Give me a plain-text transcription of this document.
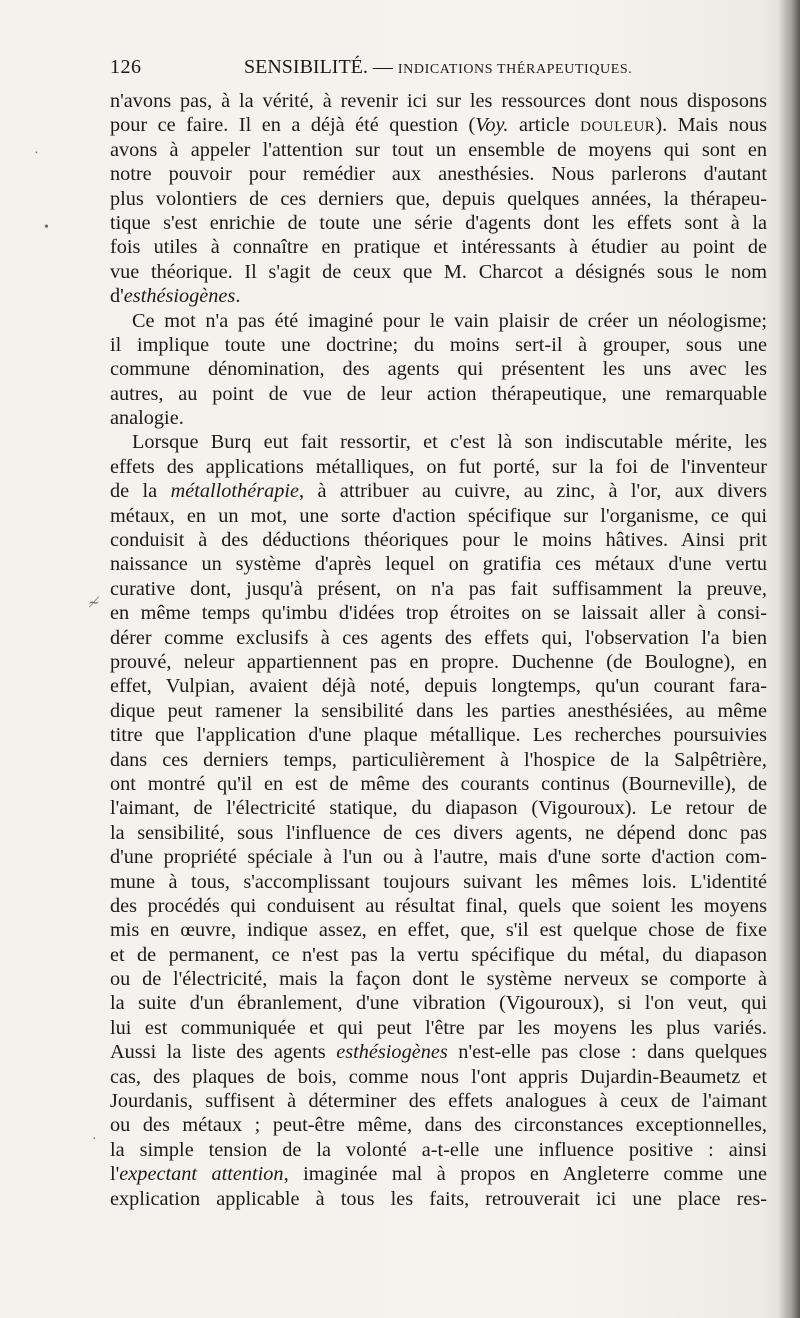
126	SENSIBILITÉ. — INDICATIONS THÉRAPEUTIQUES.
n'avons pas, à la vérité, à revenir ici sur les ressources dont nous disposons
pour ce faire. Il en a déjà été question (Voy. article DOULEUR). Mais nous
avons à appeler l'attention sur tout un ensemble de moyens qui sont en
notre pouvoir pour remédier aux anesthésies. Nous parlerons d'autant
plus volontiers de ces derniers que, depuis quelques années, la thérapeu-
tique s'est enrichie de toute une série d'agents dont les effets sont à la
fois utiles à connaître en pratique et intéressants à étudier au point de
vue théorique. Il s'agit de ceux que M. Charcot a désignés sous le nom
d'esthésiogènes.
Ce mot n'a pas été imaginé pour le vain plaisir de créer un néologisme;
il implique toute une doctrine; du moins sert-il à grouper, sous une
commune dénomination, des agents qui présentent les uns avec les
autres, au point de vue de leur action thérapeutique, une remarquable
analogie.
Lorsque Burq eut fait ressortir, et c'est là son indiscutable mérite, les
effets des applications métalliques, on fut porté, sur la foi de l'inventeur
de la métallothérapie, à attribuer au cuivre, au zinc, à l'or, aux divers
métaux, en un mot, une sorte d'action spécifique sur l'organisme, ce qui
conduisit à des déductions théoriques pour le moins hâtives. Ainsi prit
naissance un système d'après lequel on gratifia ces métaux d'une vertu
curative dont, jusqu'à présent, on n'a pas fait suffisamment la preuve,
en même temps qu'imbu d'idées trop étroites on se laissait aller à consi-
dérer comme exclusifs à ces agents des effets qui, l'observation l'a bien
prouvé, neleur appartiennent pas en propre. Duchenne (de Boulogne), en
effet, Vulpian, avaient déjà noté, depuis longtemps, qu'un courant fara-
dique peut ramener la sensibilité dans les parties anesthésiées, au même
titre que l'application d'une plaque métallique. Les recherches poursuivies
dans ces derniers temps, particulièrement à l'hospice de la Salpêtrière,
ont montré qu'il en est de même des courants continus (Bourneville), de
l'aimant, de l'électricité statique, du diapason (Vigouroux). Le retour de
la sensibilité, sous l'influence de ces divers agents, ne dépend donc pas
d'une propriété spéciale à l'un ou à l'autre, mais d'une sorte d'action com-
mune à tous, s'accomplissant toujours suivant les mêmes lois. L'identité
des procédés qui conduisent au résultat final, quels que soient les moyens
mis en œuvre, indique assez, en effet, que, s'il est quelque chose de fixe
et de permanent, ce n'est pas la vertu spécifique du métal, du diapason
ou de l'électricité, mais la façon dont le système nerveux se comporte à
la suite d'un ébranlement, d'une vibration (Vigouroux), si l'on veut, qui
lui est communiquée et qui peut l'être par les moyens les plus variés.
Aussi la liste des agents esthésiogènes n'est-elle pas close : dans quelques
cas, des plaques de bois, comme nous l'ont appris Dujardin-Beaumetz et
Jourdanis, suffisent à déterminer des effets analogues à ceux de l'aimant
ou des métaux ; peut-être même, dans des circonstances exceptionnelles,
la simple tension de la volonté a-t-elle une influence positive : ainsi
l'expectant attention, imaginée mal à propos en Angleterre comme une
explication applicable à tous les faits, retrouverait ici une place res-
·
•
≁
·
